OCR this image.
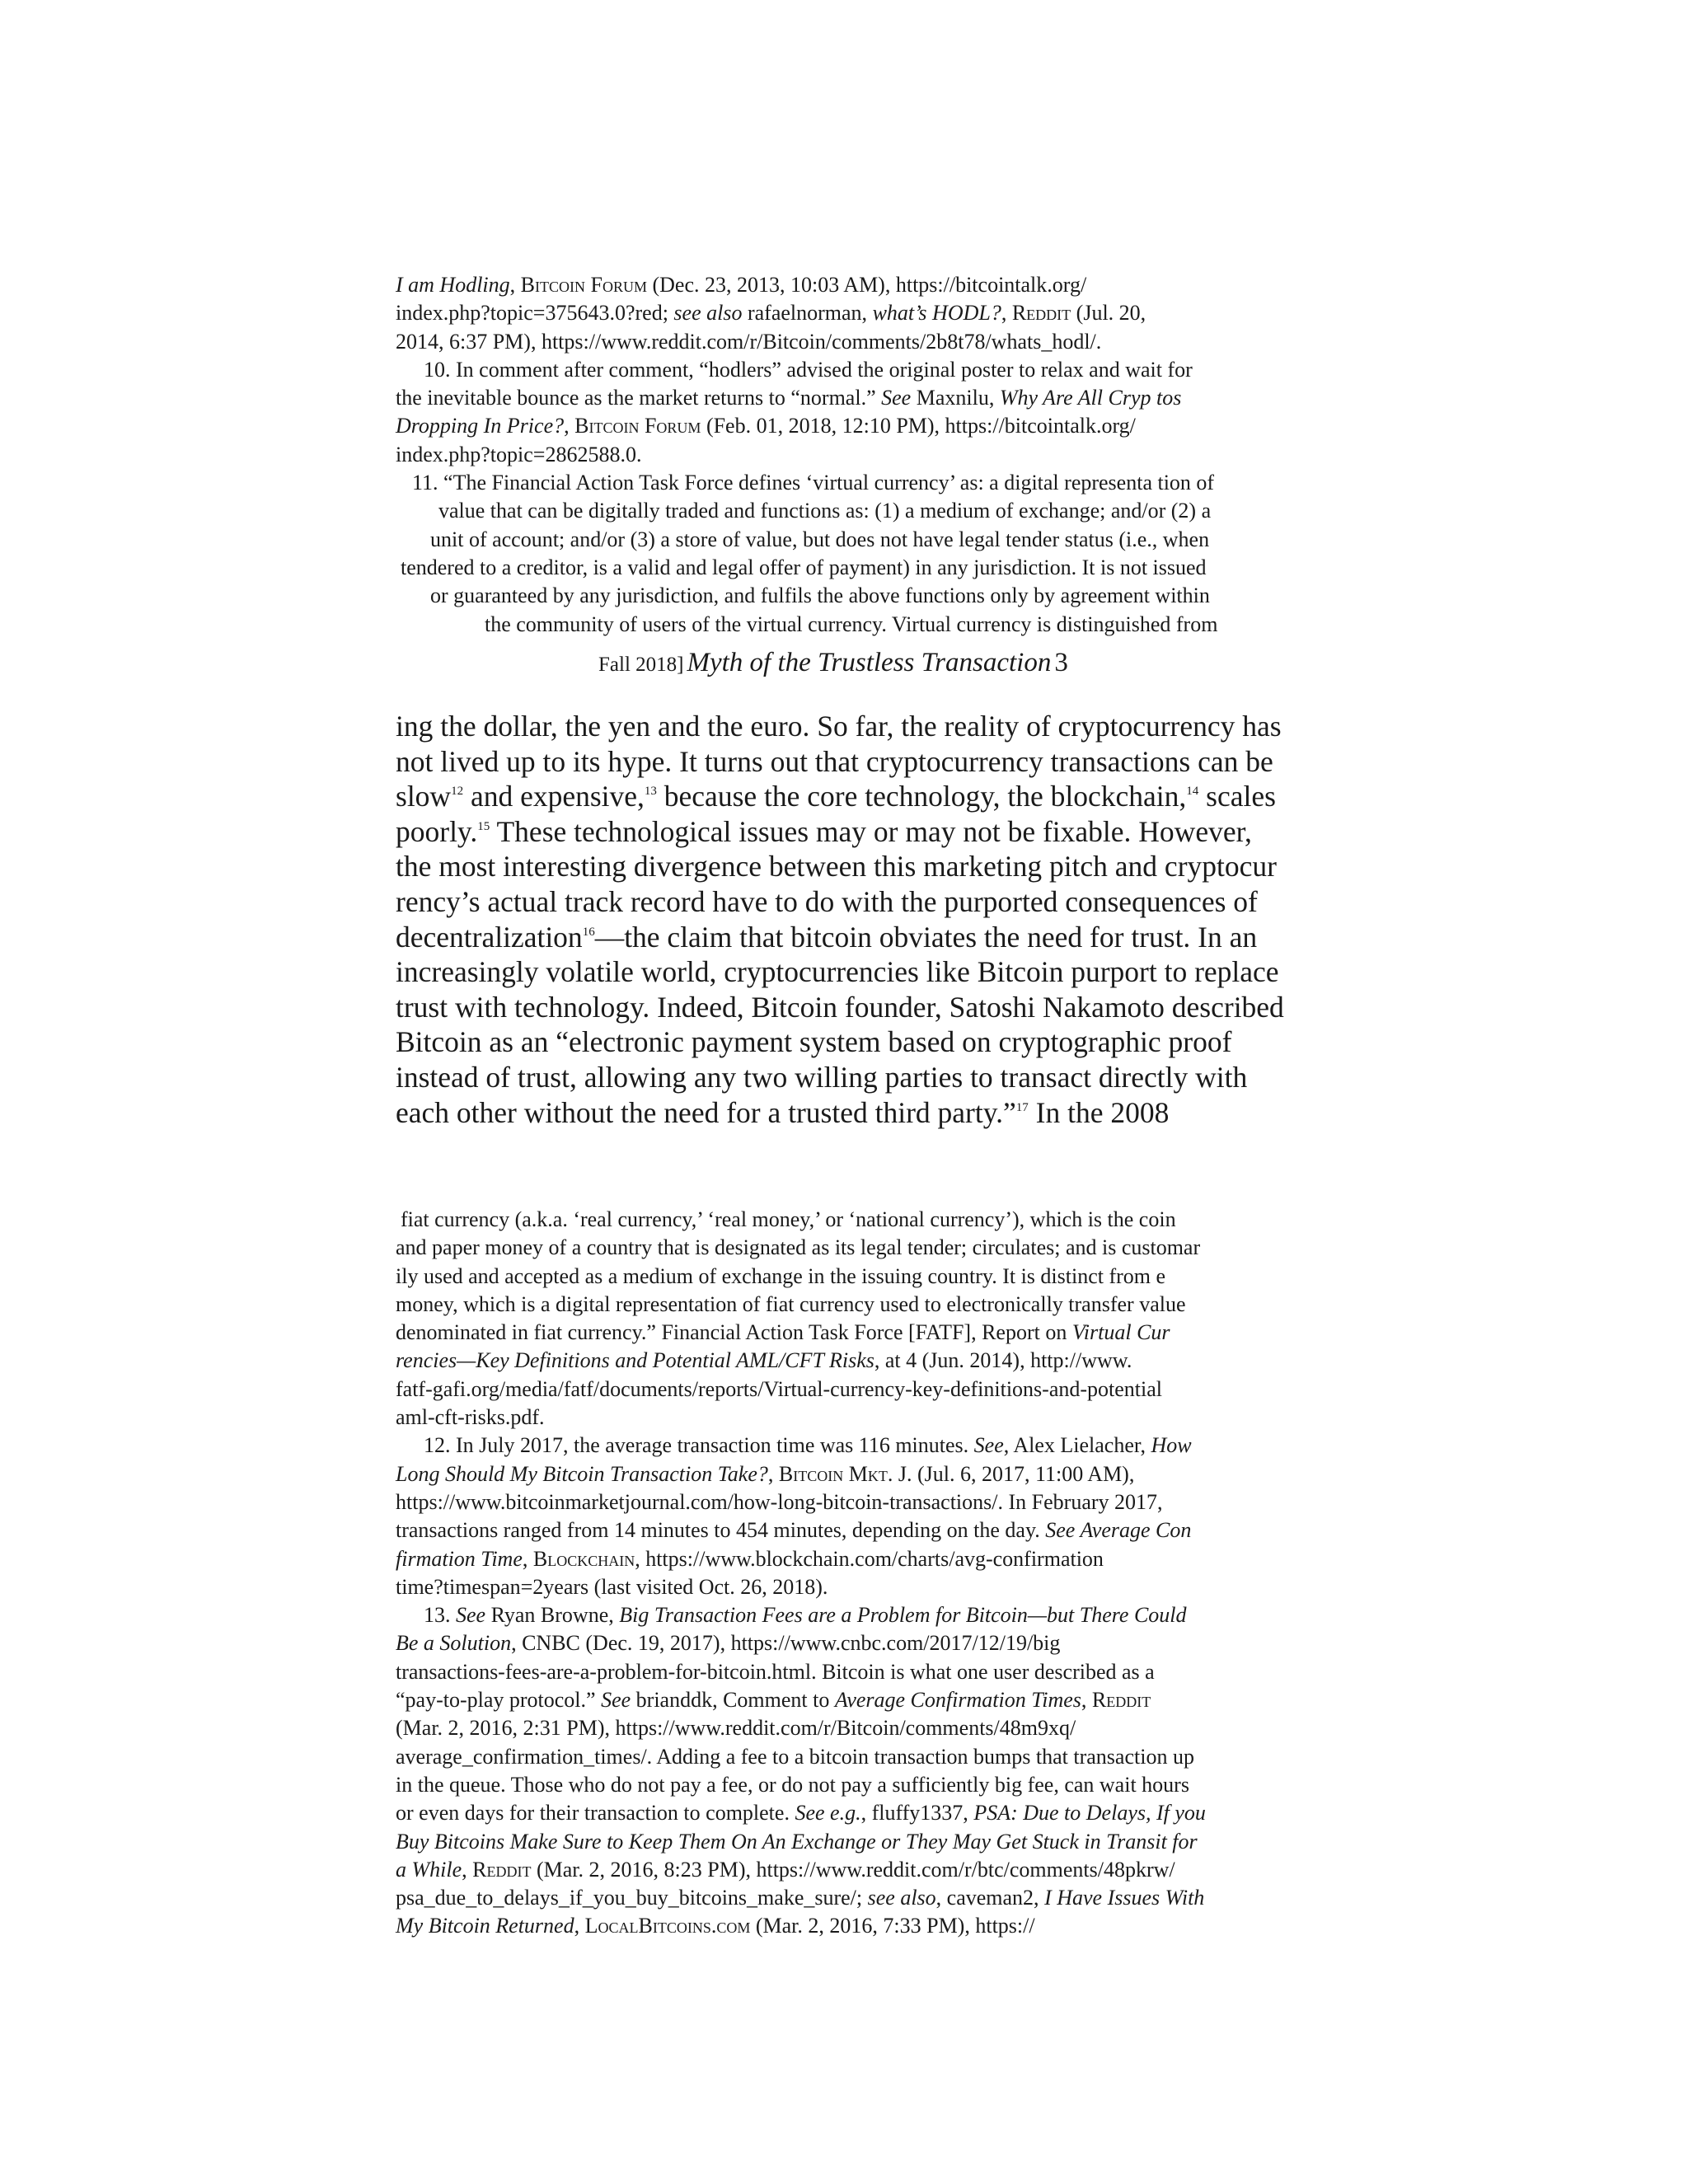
I am Hodling, Bitcoin Forum (Dec. 23, 2013, 10:03 AM), https://bitcointalk.org/

index.php?topic=375643.0?red; see also rafaelnorman, what’s HODL?, Reddit (Jul. 20,

2014, 6:37 PM), https://www.reddit.com/r/Bitcoin/comments/2b8t78/whats_hodl/.

10. In comment after comment, “hodlers” advised the original poster to relax and wait for

the inevitable bounce as the market returns to “normal.” See Maxnilu, Why Are All Cryp tos

Dropping In Price?, Bitcoin Forum (Feb. 01, 2018, 12:10 PM), https://bitcointalk.org/

index.php?topic=2862588.0.

11. “The Financial Action Task Force defines ‘virtual currency’ as: a digital representa tion of

value that can be digitally traded and functions as: (1) a medium of exchange; and/or (2) a

unit of account; and/or (3) a store of value, but does not have legal tender status (i.e., when

tendered to a creditor, is a valid and legal offer of payment) in any jurisdiction. It is not issued

or guaranteed by any jurisdiction, and fulfils the above functions only by agreement within

the community of users of the virtual currency. Virtual currency is distinguished from

Fall 2018] Myth of the Trustless Transaction 3

ing the dollar, the yen and the euro. So far, the reality of cryptocurrency has

not lived up to its hype. It turns out that cryptocurrency transactions can be

slow$^{12}$ and expensive,$^{13}$ because the core technology, the blockchain,$^{14}$ scales

poorly.$^{15}$ These technological issues may or may not be fixable. However,

the most interesting divergence between this marketing pitch and cryptocur

rency’s actual track record have to do with the purported consequences of

decentralization$^{16}$—the claim that bitcoin obviates the need for trust. In an

increasingly volatile world, cryptocurrencies like Bitcoin purport to replace

trust with technology. Indeed, Bitcoin founder, Satoshi Nakamoto described

Bitcoin as an “electronic payment system based on cryptographic proof

instead of trust, allowing any two willing parties to transact directly with

each other without the need for a trusted third party.”$^{17}$ In the 2008

fiat currency (a.k.a. ‘real currency,’ ‘real money,’ or ‘national currency’), which is the coin

and paper money of a country that is designated as its legal tender; circulates; and is customar

ily used and accepted as a medium of exchange in the issuing country. It is distinct from e

money, which is a digital representation of fiat currency used to electronically transfer value

denominated in fiat currency.” Financial Action Task Force [FATF], Report on Virtual Cur

rencies—Key Definitions and Potential AML/CFT Risks, at 4 (Jun. 2014), http://www.

fatf-gafi.org/media/fatf/documents/reports/Virtual-currency-key-definitions-and-potential

aml-cft-risks.pdf.

12. In July 2017, the average transaction time was 116 minutes. See, Alex Lielacher, How

Long Should My Bitcoin Transaction Take?, Bitcoin Mkt. J. (Jul. 6, 2017, 11:00 AM),

https://www.bitcoinmarketjournal.com/how-long-bitcoin-transactions/. In February 2017,

transactions ranged from 14 minutes to 454 minutes, depending on the day. See Average Con

firmation Time, Blockchain, https://www.blockchain.com/charts/avg-confirmation

time?timespan=2years (last visited Oct. 26, 2018).

13. See Ryan Browne, Big Transaction Fees are a Problem for Bitcoin—but There Could

Be a Solution, CNBC (Dec. 19, 2017), https://www.cnbc.com/2017/12/19/big

transactions-fees-are-a-problem-for-bitcoin.html. Bitcoin is what one user described as a

“pay-to-play protocol.” See brianddk, Comment to Average Confirmation Times, Reddit

(Mar. 2, 2016, 2:31 PM), https://www.reddit.com/r/Bitcoin/comments/48m9xq/

average_confirmation_times/. Adding a fee to a bitcoin transaction bumps that transaction up

in the queue. Those who do not pay a fee, or do not pay a sufficiently big fee, can wait hours

or even days for their transaction to complete. See e.g., fluffy1337, PSA: Due to Delays, If you

Buy Bitcoins Make Sure to Keep Them On An Exchange or They May Get Stuck in Transit for

a While, Reddit (Mar. 2, 2016, 8:23 PM), https://www.reddit.com/r/btc/comments/48pkrw/

psa_due_to_delays_if_you_buy_bitcoins_make_sure/; see also, caveman2, I Have Issues With

My Bitcoin Returned, LocalBitcoins.com (Mar. 2, 2016, 7:33 PM), https://
